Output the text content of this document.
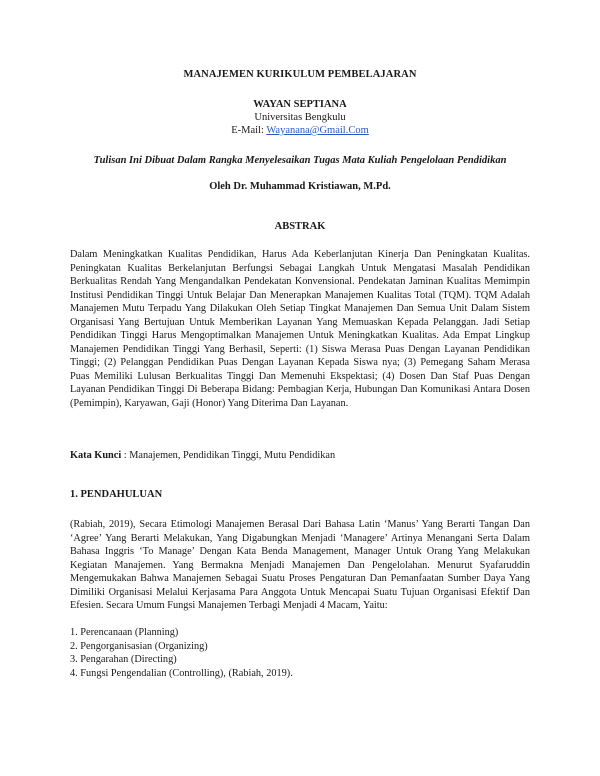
MANAJEMEN KURIKULUM PEMBELAJARAN
WAYAN SEPTIANA
Universitas Bengkulu
E-Mail: Wayanana@Gmail.Com
Tulisan Ini Dibuat Dalam Rangka Menyelesaikan Tugas Mata Kuliah Pengelolaan Pendidikan
Oleh Dr. Muhammad Kristiawan, M.Pd.
ABSTRAK
Dalam Meningkatkan Kualitas Pendidikan, Harus Ada Keberlanjutan Kinerja Dan Peningkatan Kualitas. Peningkatan Kualitas Berkelanjutan Berfungsi Sebagai Langkah Untuk Mengatasi Masalah Pendidikan Berkualitas Rendah Yang Mengandalkan Pendekatan Konvensional. Pendekatan Jaminan Kualitas Memimpin Institusi Pendidikan Tinggi Untuk Belajar Dan Menerapkan Manajemen Kualitas Total (TQM). TQM Adalah Manajemen Mutu Terpadu Yang Dilakukan Oleh Setiap Tingkat Manajemen Dan Semua Unit Dalam Sistem Organisasi Yang Bertujuan Untuk Memberikan Layanan Yang Memuaskan Kepada Pelanggan. Jadi Setiap Pendidikan Tinggi Harus Mengoptimalkan Manajemen Untuk Meningkatkan Kualitas. Ada Empat Lingkup Manajemen Pendidikan Tinggi Yang Berhasil, Seperti: (1) Siswa Merasa Puas Dengan Layanan Pendidikan Tinggi; (2) Pelanggan Pendidikan Puas Dengan Layanan Kepada Siswa nya; (3) Pemegang Saham Merasa Puas Memiliki Lulusan Berkualitas Tinggi Dan Memenuhi Ekspektasi; (4) Dosen Dan Staf Puas Dengan Layanan Pendidikan Tinggi Di Beberapa Bidang: Pembagian Kerja, Hubungan Dan Komunikasi Antara Dosen (Pemimpin), Karyawan, Gaji (Honor) Yang Diterima Dan Layanan.
Kata Kunci : Manajemen, Pendidikan Tinggi, Mutu Pendidikan
1. PENDAHULUAN
(Rabiah, 2019), Secara Etimologi Manajemen Berasal Dari Bahasa Latin ‘Manus’ Yang Berarti Tangan Dan ‘Agree’ Yang Berarti Melakukan, Yang Digabungkan Menjadi ‘Managere’ Artinya Menangani Serta Dalam Bahasa Inggris ‘To Manage’ Dengan Kata Benda Management, Manager Untuk Orang Yang Melakukan Kegiatan Manajemen. Yang Bermakna Menjadi Manajemen Dan Pengelolahan. Menurut Syafaruddin Mengemukakan Bahwa Manajemen Sebagai Suatu Proses Pengaturan Dan Pemanfaatan Sumber Daya Yang Dimiliki Organisasi Melalui Kerjasama Para Anggota Untuk Mencapai Suatu Tujuan Organisasi Efektif Dan Efesien. Secara Umum Fungsi Manajemen Terbagi Menjadi 4 Macam, Yaitu:
1. Perencanaan (Planning)
2. Pengorganisasian (Organizing)
3. Pengarahan (Directing)
4. Fungsi Pengendalian (Controlling), (Rabiah, 2019).
